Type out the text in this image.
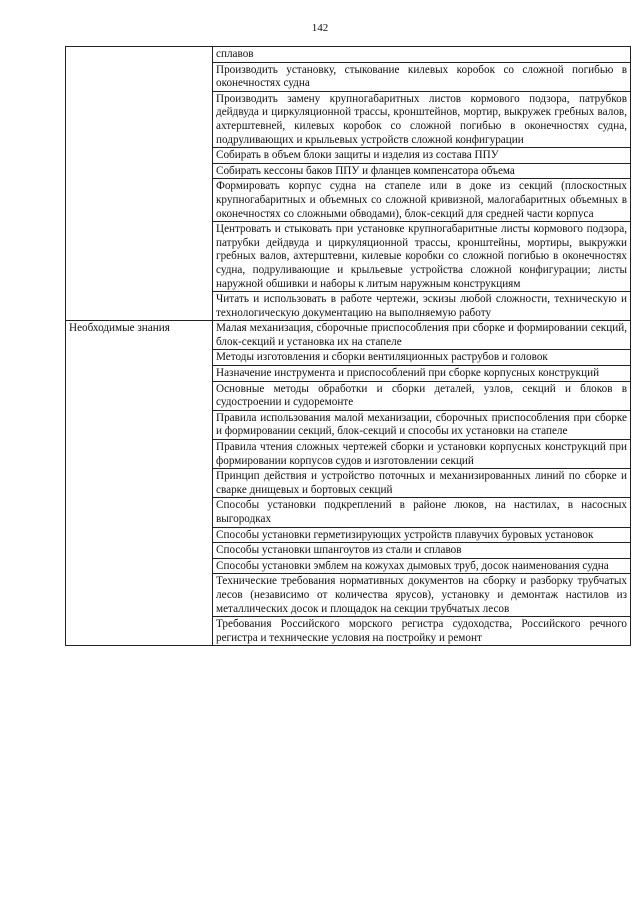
142
	сплавов
	Производить установку, стыкование килевых коробок со сложной погибью в оконечностях судна
	Производить замену крупногабаритных листов кормового подзора, патрубков дейдвуда и циркуляционной трассы, кронштейнов, мортир, выкружек гребных валов, ахтерштевней, килевых коробок со сложной погибью в оконечностях судна, подруливающих и крыльевых устройств сложной конфигурации
	Собирать в объем блоки защиты и изделия из состава ППУ
	Собирать кессоны баков ППУ и фланцев компенсатора объема
	Формировать корпус судна на стапеле или в доке из секций (плоскостных крупногабаритных и объемных со сложной кривизной, малогабаритных объемных в оконечностях со сложными обводами), блок-секций для средней части корпуса
	Центровать и стыковать при установке крупногабаритные листы кормового подзора, патрубки дейдвуда и циркуляционной трассы, кронштейны, мортиры, выкружки гребных валов, ахтерштевни, килевые коробки со сложной погибью в оконечностях судна, подруливающие и крыльевые устройства сложной конфигурации; листы наружной обшивки и наборы к литым наружным конструкциям
	Читать и использовать в работе чертежи, эскизы любой сложности, техническую и технологическую документацию на выполняемую работу
Необходимые знания	Малая механизация, сборочные приспособления при сборке и формировании секций, блок-секций и установка их на стапеле
	Методы изготовления и сборки вентиляционных раструбов и головок
	Назначение инструмента и приспособлений при сборке корпусных конструкций
	Основные методы обработки и сборки деталей, узлов, секций и блоков в судостроении и судоремонте
	Правила использования малой механизации, сборочных приспособления при сборке и формировании секций, блок-секций и способы их установки на стапеле
	Правила чтения сложных чертежей сборки и установки корпусных конструкций при формировании корпусов судов и изготовлении секций
	Принцип действия и устройство поточных и механизированных линий по сборке и сварке днищевых и бортовых секций
	Способы установки подкреплений в районе люков, на настилах, в насосных выгородках
	Способы установки герметизирующих устройств плавучих буровых установок
	Способы установки шпангоутов из стали и сплавов
	Способы установки эмблем на кожухах дымовых труб, досок наименования судна
	Технические требования нормативных документов на сборку и разборку трубчатых лесов (независимо от количества ярусов), установку и демонтаж настилов из металлических досок и площадок на секции трубчатых лесов
	Требования Российского морского регистра судоходства, Российского речного регистра и технические условия на постройку и ремонт
